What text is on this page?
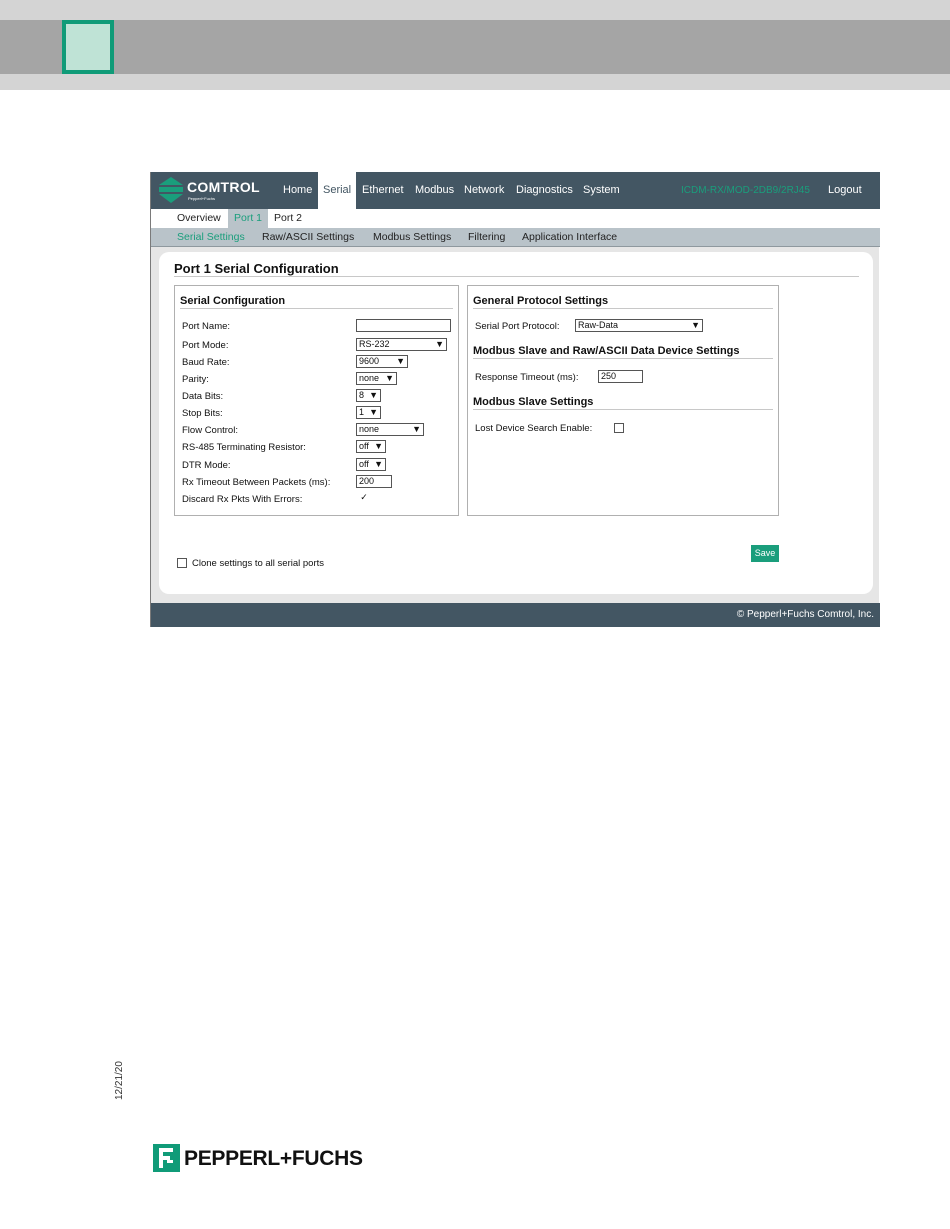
COMTROL
Pepperl+Fuchs
Home Serial Ethernet	Modbus Network	Diagnostics System	ICDM-RX/MOD-2DB9/2RJ45 Logout
Overview	Port 1	Port 2
Serial Settings Raw/ASCII Settings Modbus Settings Filtering Application Interface
Port 1 Serial Configuration
Serial Configuration
Port Name:
Port Mode:	RS-232	▼
Baud Rate:	9600 ▼
Parity:	none ▼
Data Bits:	8 ▼
Stop Bits:	1 ▼
Flow Control:	none	▼
RS-485 Terminating Resistor:	off ▼
DTR Mode:	off ▼
Rx Timeout Between Packets (ms):	200
Discard Rx Pkts With Errors:	✓
General Protocol Settings
Serial Port Protocol:	Raw-Data	▼
Modbus Slave and Raw/ASCII Data Device Settings
Response Timeout (ms):	250
Modbus Slave Settings
Lost Device Search Enable:
Clone settings to all serial ports
Save
© Pepperl+Fuchs Comtrol, Inc.
12/21/20
PEPPERL+FUCHS
